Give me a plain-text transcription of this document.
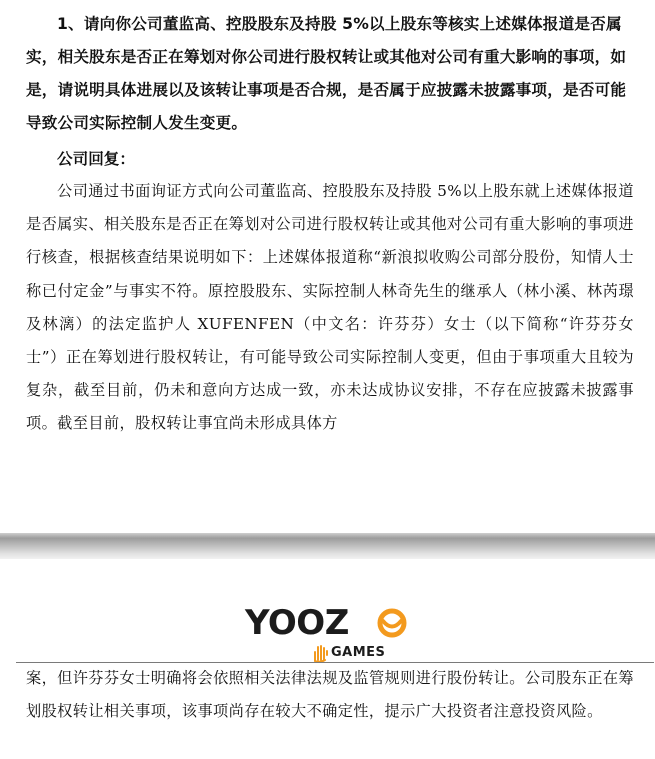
1、请向你公司董监高、控股股东及持股 5%以上股东等核实上述媒体报道是否属实，相关股东是否正在筹划对你公司进行股权转让或其他对公司有重大影响的事项，如是，请说明具体进展以及该转让事项是否合规，是否属于应披露未披露事项，是否可能导致公司实际控制人发生变更。

公司回复：

公司通过书面询证方式向公司董监高、控股股东及持股 5%以上股东就上述媒体报道是否属实、相关股东是否正在筹划对公司进行股权转让或其他对公司有重大影响的事项进行核查，根据核查结果说明如下：上述媒体报道称“新浪拟收购公司部分股份，知情人士称已付定金”与事实不符。原控股股东、实际控制人林奇先生的继承人（林小溪、林芮璟及林漓）的法定监护人 XUFENFEN（中文名：许芬芬）女士（以下简称“许芬芬女士”）正在筹划进行股权转让，有可能导致公司实际控制人变更，但由于事项重大且较为复杂，截至目前，仍未和意向方达成一致，亦未达成协议安排，不存在应披露未披露事项。截至目前，股权转让事宜尚未形成具体方

YOOZ
GAMES

案，但许芬芬女士明确将会依照相关法律法规及监管规则进行股份转让。公司股东正在筹划股权转让相关事项，该事项尚存在较大不确定性，提示广大投资者注意投资风险。
